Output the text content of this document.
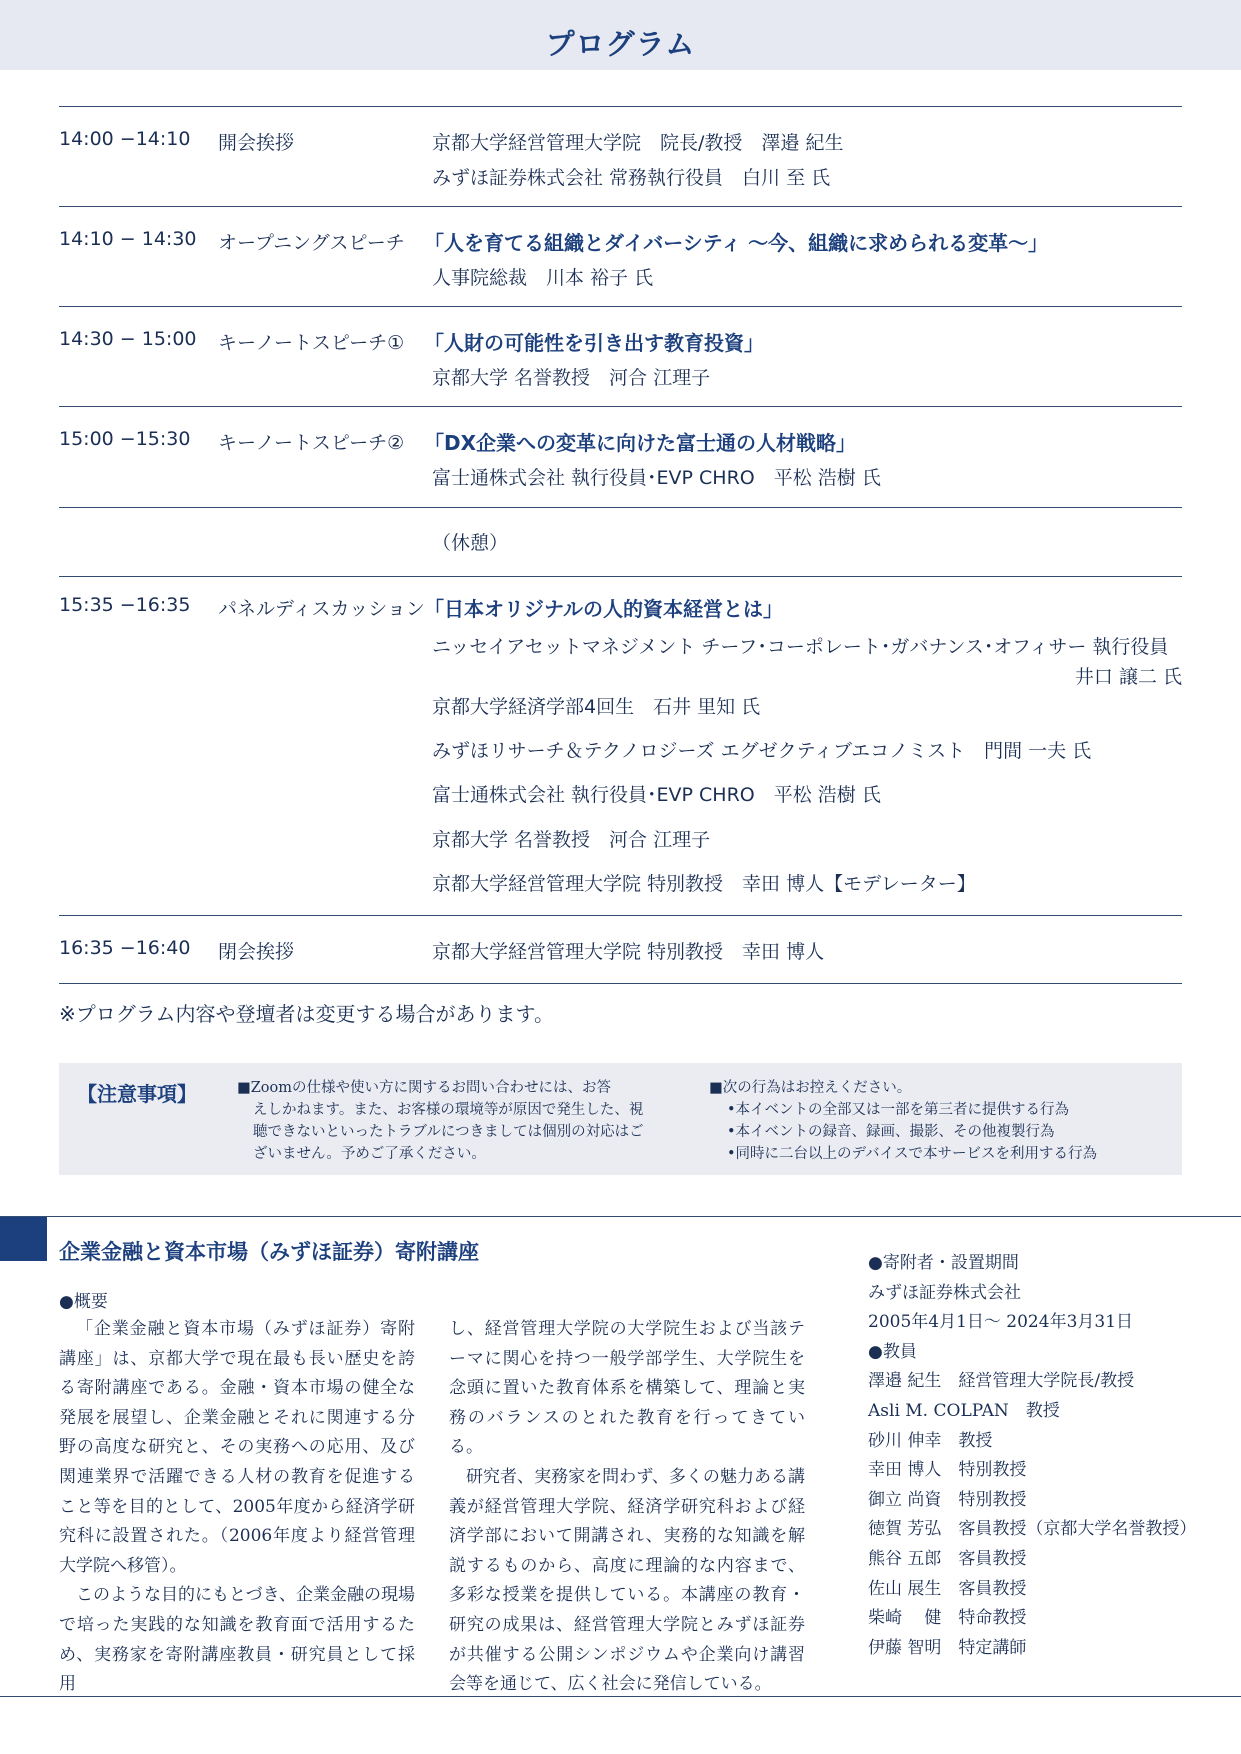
プログラム
14:00 −14:10 開会挨拶	京都大学経営管理大学院　院長/教授　澤邉 紀生
みずほ証券株式会社 常務執行役員　白川 至 氏
14:10 − 14:30 オープニングスピーチ 「人を育てる組織とダイバーシティ 〜今、組織に求められる変革〜」
人事院総裁　川本 裕子 氏
14:30 − 15:00 キーノートスピーチ① 「人財の可能性を引き出す教育投資」
京都大学 名誉教授　河合 江理子
15:00 −15:30 キーノートスピーチ② 「DX企業への変革に向けた富士通の人材戦略」
富士通株式会社 執行役員･EVP CHRO　平松 浩樹 氏
（休憩）
15:35 −16:35 パネルディスカッション 「日本オリジナルの人的資本経営とは」
ニッセイアセットマネジメント チーフ･コーポレート･ガバナンス･オフィサー 執行役員
井口 譲二 氏
京都大学経済学部4回生　石井 里知 氏
みずほリサーチ＆テクノロジーズ エグゼクティブエコノミスト　門間 一夫 氏
富士通株式会社 執行役員･EVP CHRO　平松 浩樹 氏
京都大学 名誉教授　河合 江理子
京都大学経営管理大学院 特別教授　幸田 博人【モデレーター】
16:35 −16:40 閉会挨拶	京都大学経営管理大学院 特別教授　幸田 博人
※プログラム内容や登壇者は変更する場合があります。
【注意事項】	■Zoomの仕様や使い方に関するお問い合わせには、お答
えしかねます。また、お客様の環境等が原因で発生した、視聴できないといったトラブルにつきましては個別の対応はございません。予めご了承ください。
■次の行為はお控えください。
•本イベントの全部又は一部を第三者に提供する行為
•本イベントの録音、録画、撮影、その他複製行為
•同時に二台以上のデバイスで本サービスを利用する行為
企業金融と資本市場（みずほ証券）寄附講座
●概要

「企業金融と資本市場（みずほ証券）寄附講座」は、京都大学で現在最も長い歴史を誇る寄附講座である。金融・資本市場の健全な発展を展望し、企業金融とそれに関連する分野の高度な研究と、その実務への応用、及び関連業界で活躍できる人材の教育を促進すること等を目的として、2005年度から経済学研究科に設置された。（2006年度より経営管理大学院へ移管）。

このような目的にもとづき、企業金融の現場で培った実践的な知識を教育面で活用するため、実務家を寄附講座教員・研究員として採用

し、経営管理大学院の大学院生および当該テーマに関心を持つ一般学部学生、大学院生を念頭に置いた教育体系を構築して、理論と実務のバランスのとれた教育を行ってきている。

研究者、実務家を問わず、多くの魅力ある講義が経営管理大学院、経済学研究科および経済学部において開講され、実務的な知識を解説するものから、高度に理論的な内容まで、多彩な授業を提供している。本講座の教育・研究の成果は、経営管理大学院とみずほ証券が共催する公開シンポジウムや企業向け講習会等を通じて、広く社会に発信している。

●寄附者・設置期間
みずほ証券株式会社
2005年4月1日～ 2024年3月31日
●教員
澤邉 紀生　経営管理大学院長/教授
Asli M. COLPAN　教授
砂川 伸幸　教授
幸田 博人　特別教授
御立 尚資　特別教授
徳賀 芳弘　客員教授（京都大学名誉教授）
熊谷 五郎　客員教授
佐山 展生　客員教授
柴崎　 健　特命教授
伊藤 智明　特定講師
